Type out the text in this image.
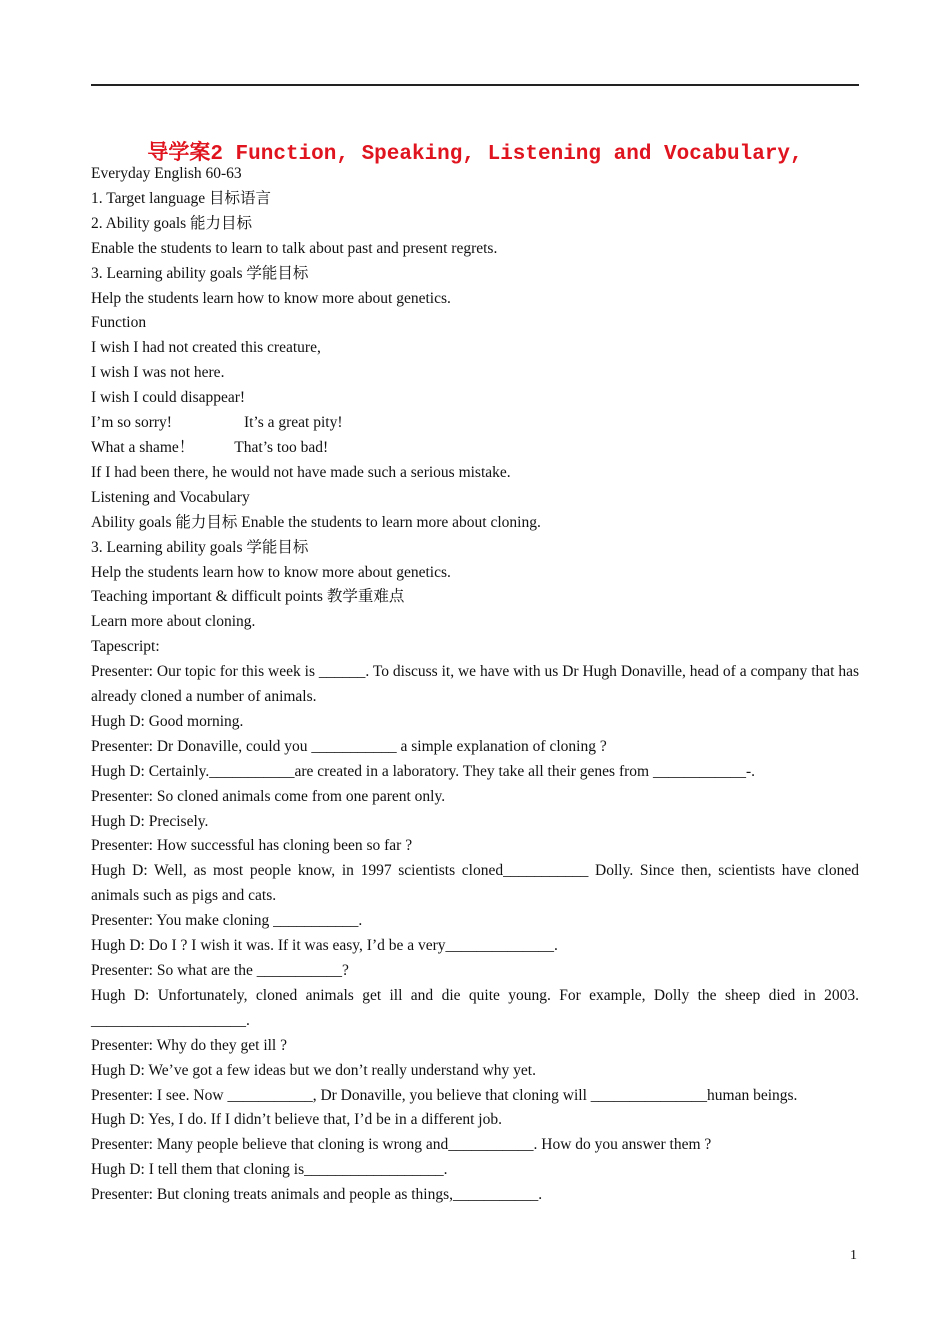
导学案2 Function, Speaking, Listening and Vocabulary,
Everyday English 60-63
1. Target language 目标语言
2. Ability goals 能力目标
Enable the students to learn to talk about past and present regrets.
3. Learning ability goals 学能目标
Help the students learn how to know more about genetics.
Function
I wish I had not created this creature,
I wish I was not here.
I wish I could disappear!
I’m so sorry!	It’s a great pity!
What a shame！	That’s too bad!
If I had been there, he would not have made such a serious mistake.
Listening and Vocabulary
Ability goals 能力目标 Enable the students to learn more about cloning.
3. Learning ability goals 学能目标
Help the students learn how to know more about genetics.
Teaching important & difficult points 教学重难点
Learn more about cloning.
Tapescript:
Presenter: Our topic for this week is ______. To discuss it, we have with us Dr Hugh Donaville, head of a company that has already cloned a number of animals.
Hugh D: Good morning.
Presenter: Dr Donaville, could you ___________ a simple explanation of cloning ?
Hugh D: Certainly.___________are created in a laboratory. They take all their genes from ____________-.
Presenter: So cloned animals come from one parent only.
Hugh D: Precisely.
Presenter: How successful has cloning been so far ?
Hugh D: Well, as most people know, in 1997 scientists cloned___________ Dolly. Since then, scientists have cloned animals such as pigs and cats.
Presenter: You make cloning ___________.
Hugh D: Do I ? I wish it was. If it was easy, I’d be a very______________.
Presenter: So what are the ___________?
Hugh D: Unfortunately, cloned animals get ill and die quite young. For example, Dolly the sheep died in 2003. ____________________.
Presenter: Why do they get ill ?
Hugh D: We’ve got a few ideas but we don’t really understand why yet.
Presenter: I see. Now ___________, Dr Donaville, you believe that cloning will _______________human beings.
Hugh D: Yes, I do. If I didn’t believe that, I’d be in a different job.
Presenter: Many people believe that cloning is wrong and___________. How do you answer them ?
Hugh D: I tell them that cloning is__________________.
Presenter: But cloning treats animals and people as things,___________.
1
